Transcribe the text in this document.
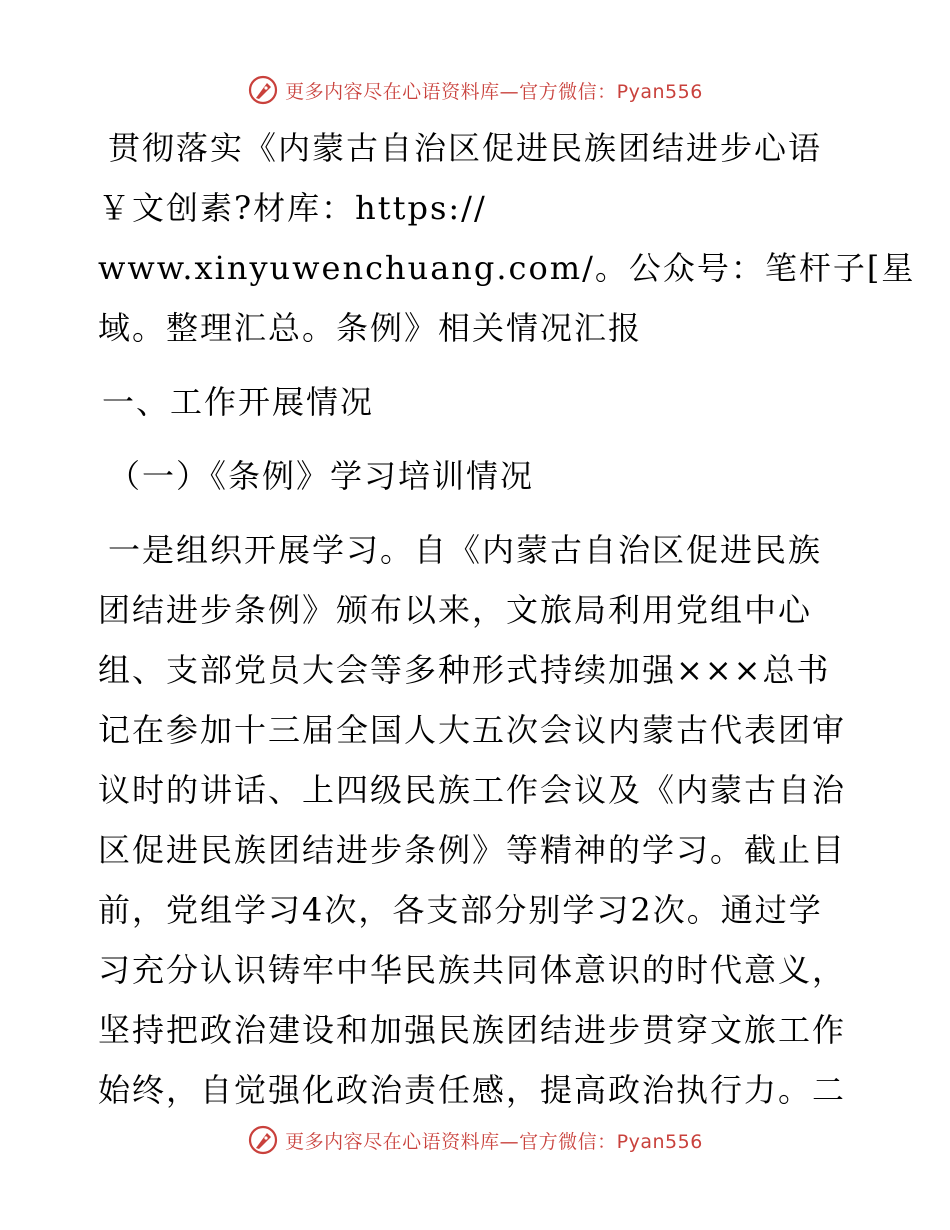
更多内容尽在心语资料库—官方微信：Pyan556
贯彻落实《内蒙古自治区促进民族团结进步心语
￥文创素?材库：https://
www.xinyuwenchuang.com/。公众号：笔杆子[星
域。整理汇总。条例》相关情况汇报
一、工作开展情况
（一）《条例》学习培训情况
一是组织开展学习。自《内蒙古自治区促进民族
团结进步条例》颁布以来，文旅局利用党组中心
组、支部党员大会等多种形式持续加强×××总书
记在参加十三届全国人大五次会议内蒙古代表团审
议时的讲话、上四级民族工作会议及《内蒙古自治
区促进民族团结进步条例》等精神的学习。截止目
前，党组学习4次，各支部分别学习2次。通过学
习充分认识铸牢中华民族共同体意识的时代意义，
坚持把政治建设和加强民族团结进步贯穿文旅工作
始终，自觉强化政治责任感，提高政治执行力。二
更多内容尽在心语资料库—官方微信：Pyan556
